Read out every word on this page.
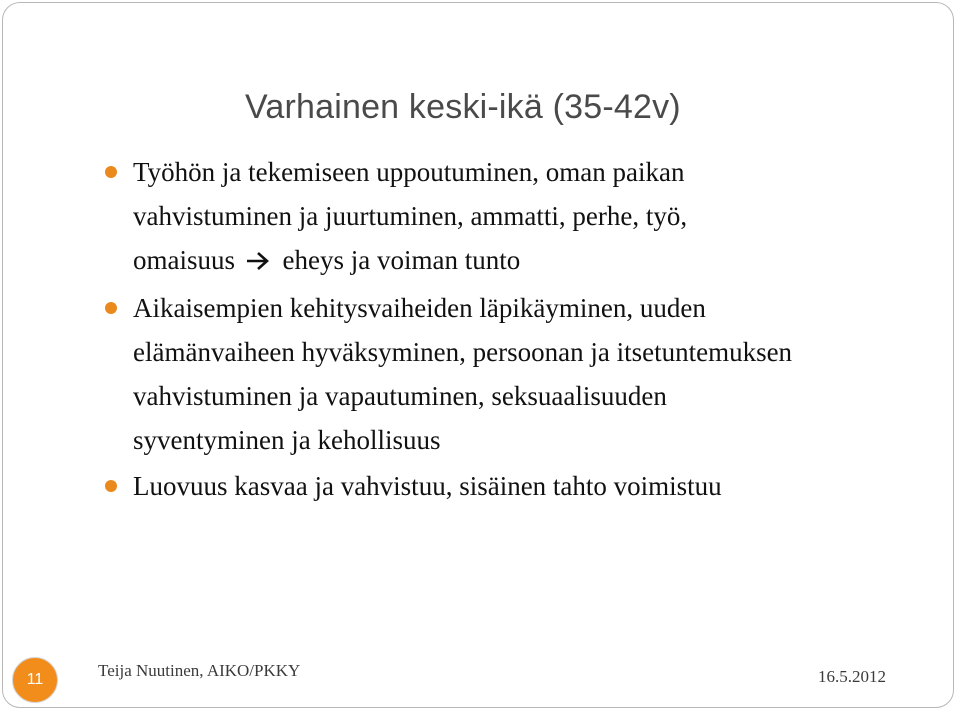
Varhainen keski-ikä (35-42v)
Työhön ja tekemiseen uppoutuminen, oman paikan
vahvistuminen ja juurtuminen, ammatti, perhe, työ,
omaisuus eheys ja voiman tunto
Aikaisempien kehitysvaiheiden läpikäyminen, uuden
elämänvaiheen hyväksyminen, persoonan ja itsetuntemuksen
vahvistuminen ja vapautuminen, seksuaalisuuden
syventyminen ja kehollisuus
Luovuus kasvaa ja vahvistuu, sisäinen tahto voimistuu
11	Teija Nuutinen, AIKO/PKKY	16.5.2012
